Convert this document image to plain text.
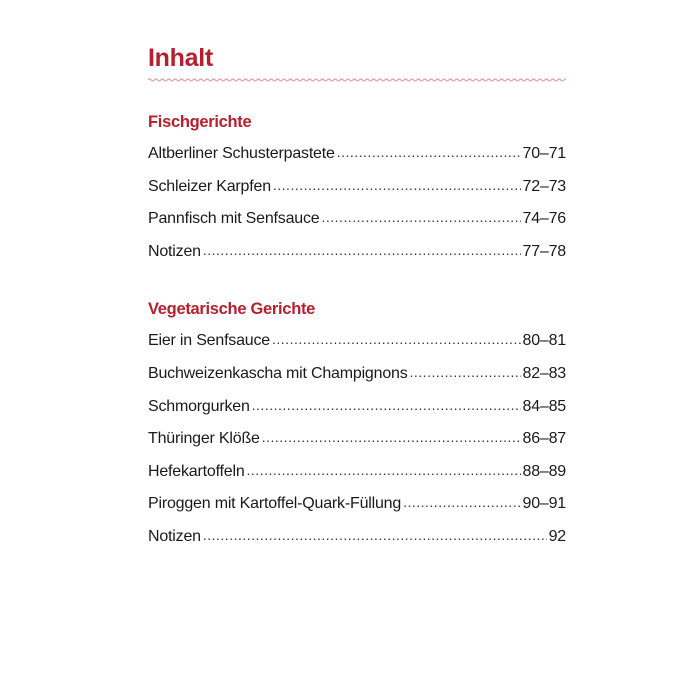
Inhalt
Fischgerichte
Altberliner Schusterpastete .....	70–71
Schleizer Karpfen .....	72–73
Pannfisch mit Senfsauce .....	74–76
Notizen .....	77–78
Vegetarische Gerichte
Eier in Senfsauce .....	80–81
Buchweizenkascha mit Champignons .....	82–83
Schmorgurken .....	84–85
Thüringer Klöße .....	86–87
Hefekartoffeln .....	88–89
Piroggen mit Kartoffel-Quark-Füllung .....	90–91
Notizen .....	92
